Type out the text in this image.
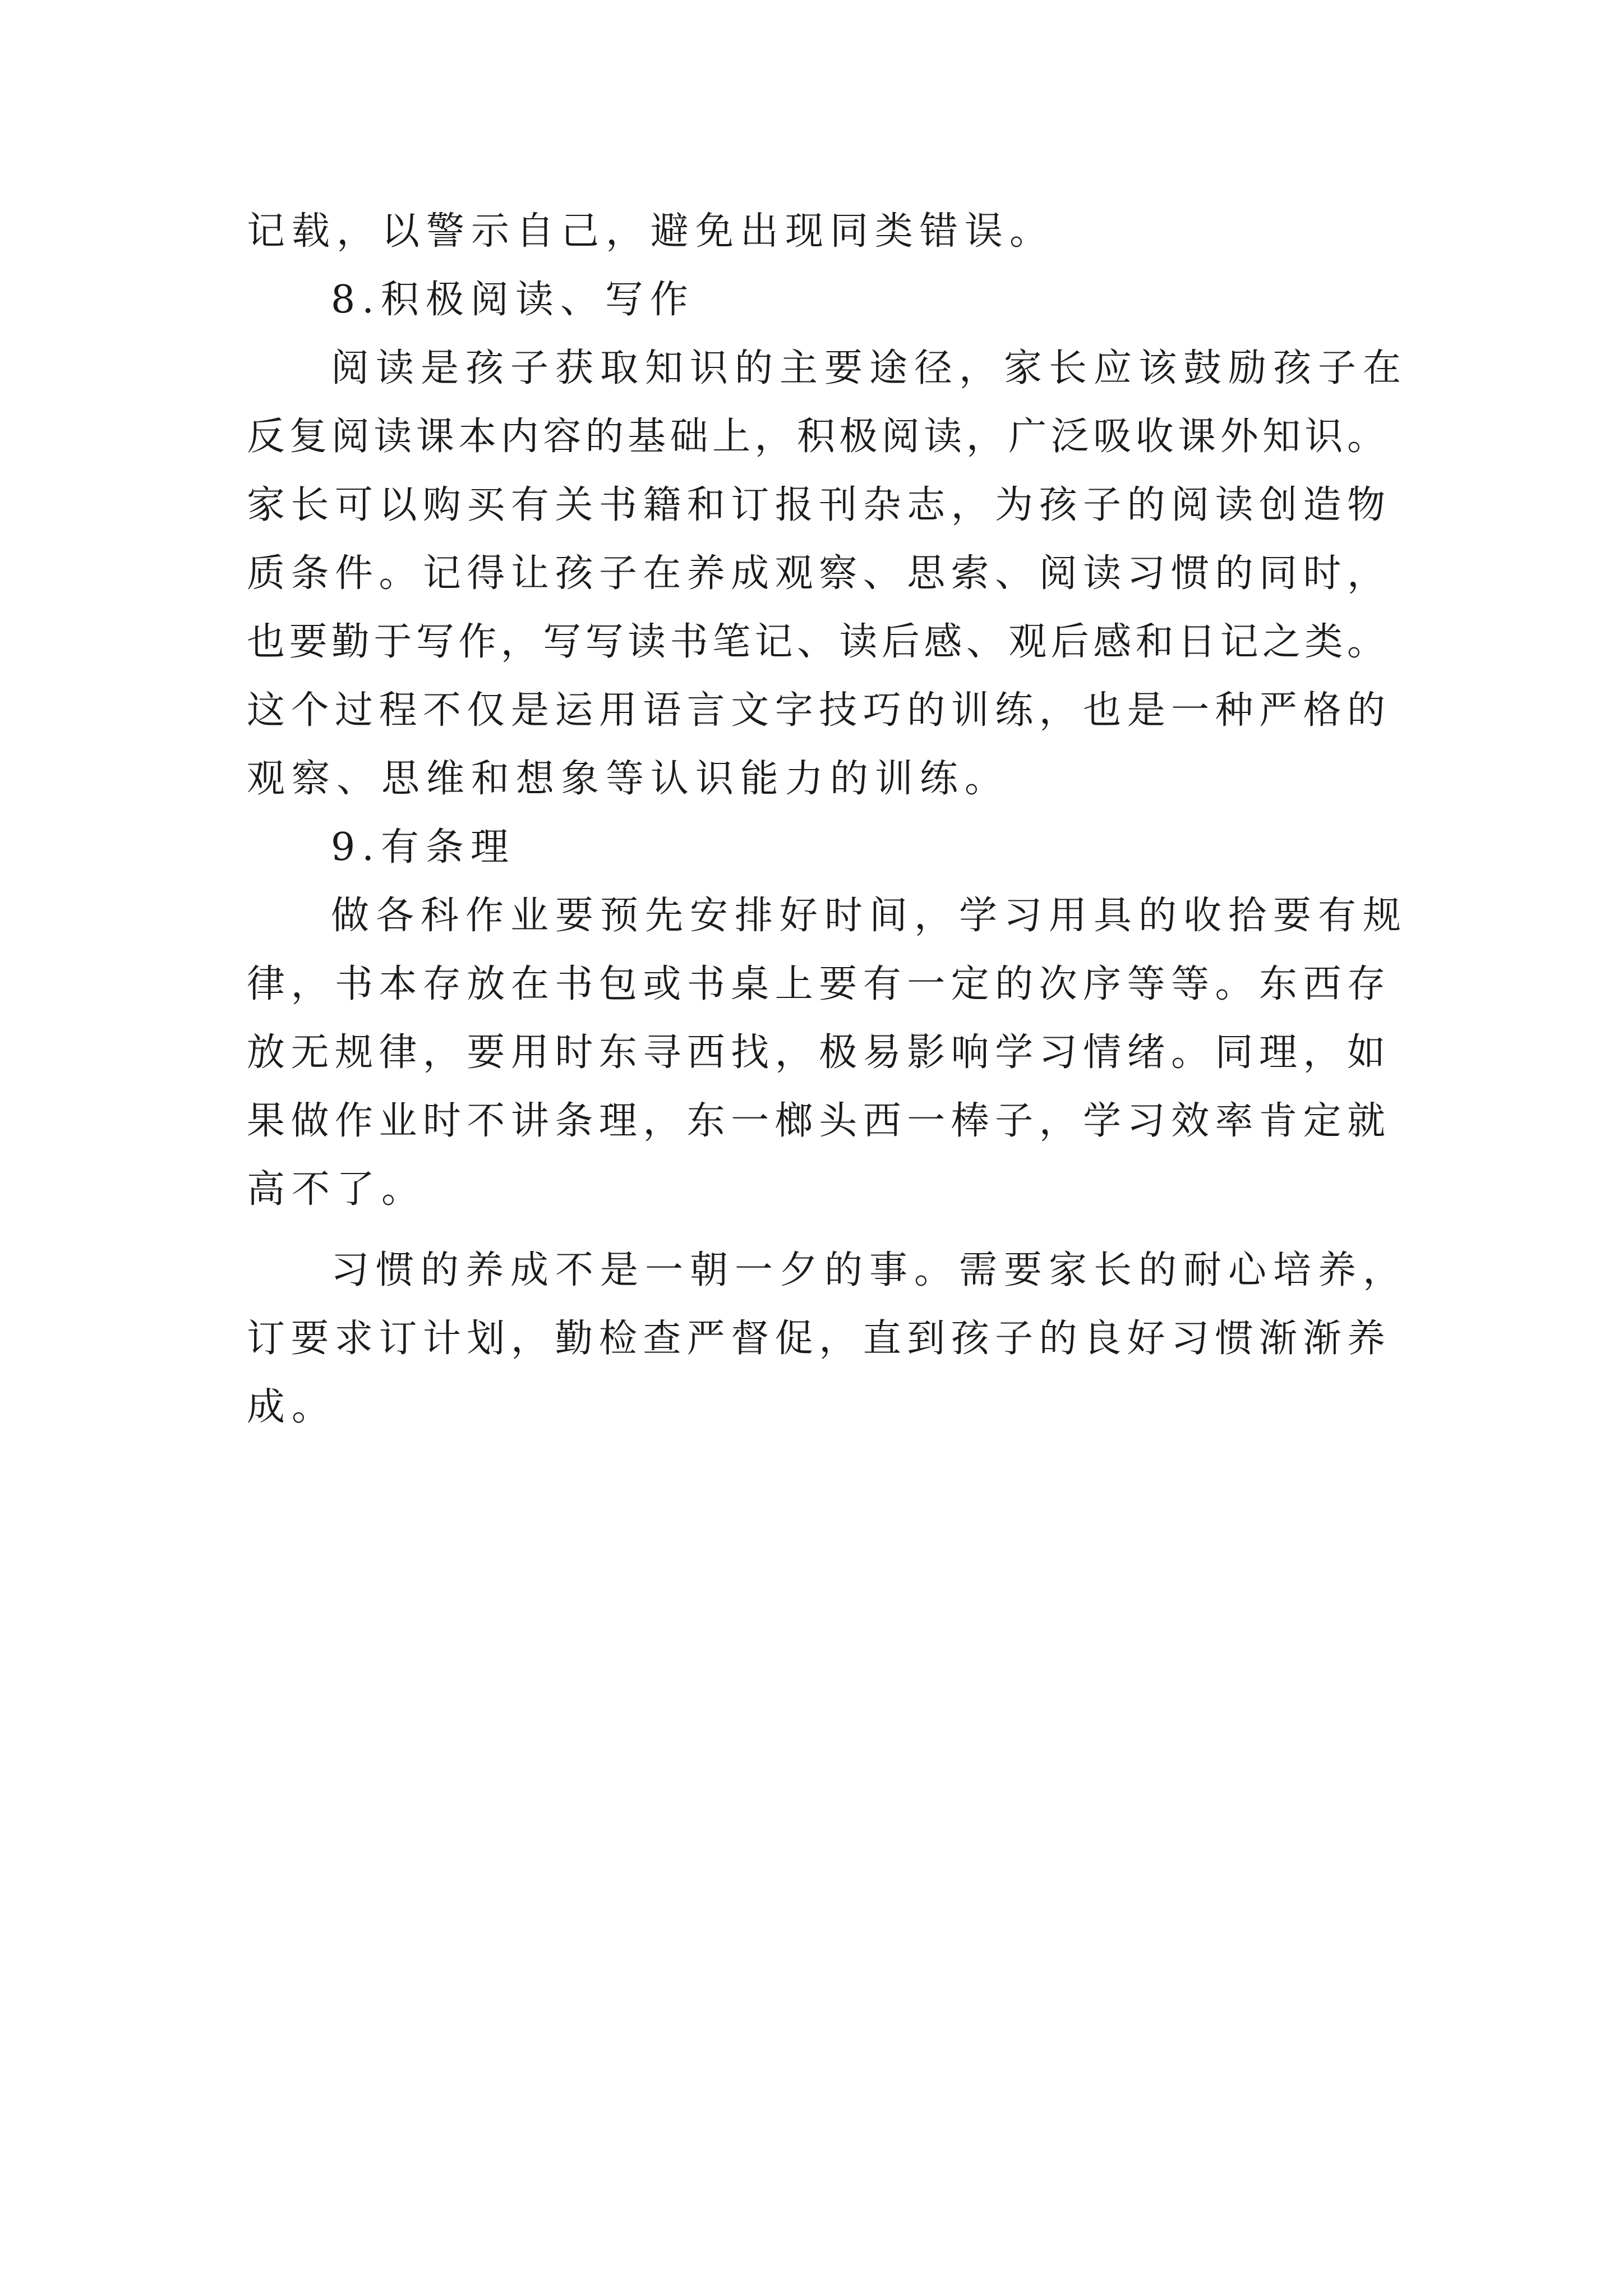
记载，以警示自己，避免出现同类错误。
8.积极阅读、写作
阅读是孩子获取知识的主要途径，家长应该鼓励孩子在
反复阅读课本内容的基础上，积极阅读，广泛吸收课外知识。
家长可以购买有关书籍和订报刊杂志，为孩子的阅读创造物
质条件。记得让孩子在养成观察、思索、阅读习惯的同时，
也要勤于写作，写写读书笔记、读后感、观后感和日记之类。
这个过程不仅是运用语言文字技巧的训练，也是一种严格的
观察、思维和想象等认识能力的训练。
9.有条理
做各科作业要预先安排好时间，学习用具的收拾要有规
律，书本存放在书包或书桌上要有一定的次序等等。东西存
放无规律，要用时东寻西找，极易影响学习情绪。同理，如
果做作业时不讲条理，东一榔头西一棒子，学习效率肯定就
高不了。
习惯的养成不是一朝一夕的事。需要家长的耐心培养，
订要求订计划，勤检查严督促，直到孩子的良好习惯渐渐养
成。
